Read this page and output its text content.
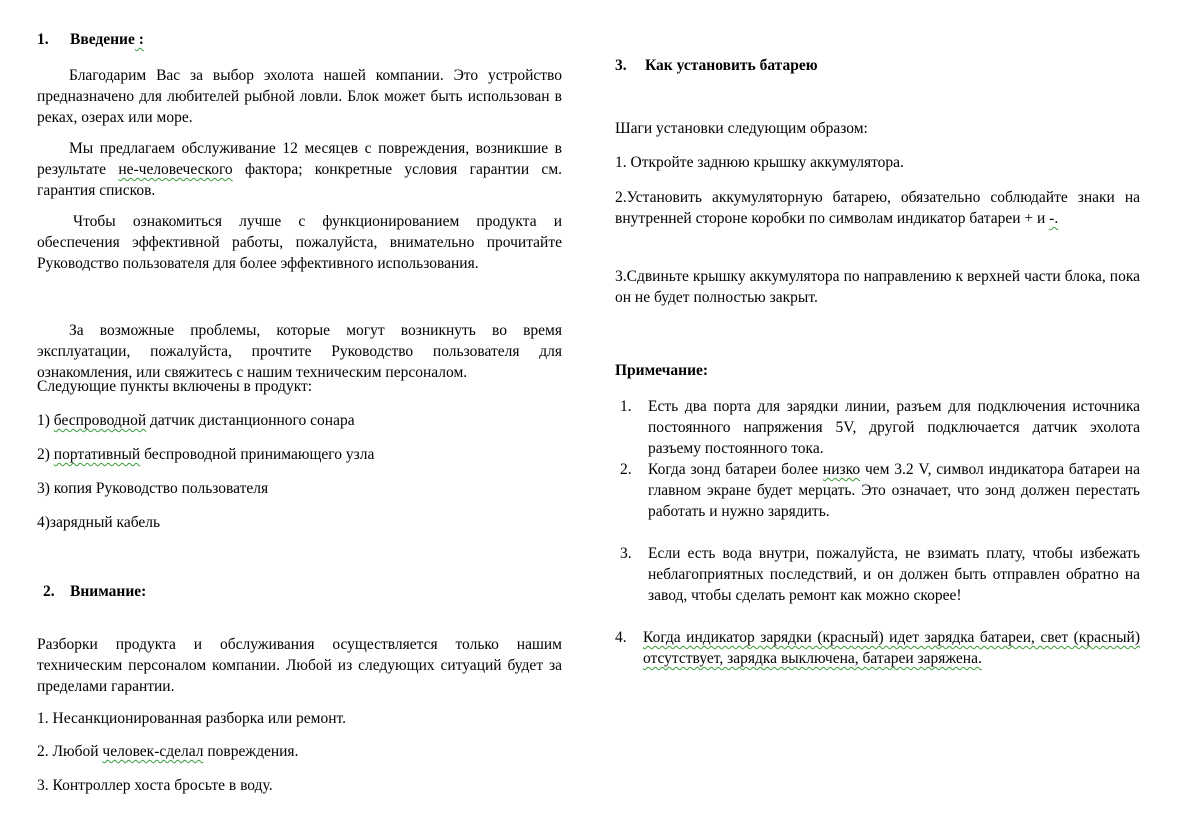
1. Введение :

Благодарим Вас за выбор эхолота нашей компании. Это устройство предназначено для любителей рыбной ловли. Блок может быть использован в реках, озерах или море.

Мы предлагаем обслуживание 12 месяцев с повреждения, возникшие в результате не-человеческого фактора; конкретные условия гарантии см. гарантия списков.

Чтобы ознакомиться лучше с функционированием продукта и обеспечения эффективной работы, пожалуйста, внимательно прочитайте Руководство пользователя для более эффективного использования.

За возможные проблемы, которые могут возникнуть во время эксплуатации, пожалуйста, прочтите Руководство пользователя для ознакомления, или свяжитесь с нашим техническим персоналом.

Следующие пункты включены в продукт:

1) беспроводной датчик дистанционного сонара

2) портативный беспроводной принимающего узла

3) копия Руководство пользователя

4)зарядный кабель

2. Внимание:

Разборки продукта и обслуживания осуществляется только нашим техническим персоналом компании. Любой из следующих ситуаций будет за пределами гарантии.

1. Несанкционированная разборка или ремонт.

2. Любой человек-сделал повреждения.

3. Контроллер хоста бросьте в воду.

3. Как установить батарею

Шаги установки следующим образом:

1. Откройте заднюю крышку аккумулятора.

2.Установить аккумуляторную батарею, обязательно соблюдайте знаки на внутренней стороне коробки по символам индикатор батареи + и -.

3.Сдвиньте крышку аккумулятора по направлению к верхней части блока, пока он не будет полностью закрыт.

Примечание:
1. Есть два порта для зарядки линии, разъем для подключения источника постоянного напряжения 5V, другой подключается датчик эхолота разъему постоянного тока.
2. Когда зонд батареи более низко чем 3.2 V, символ индикатора батареи на главном экране будет мерцать. Это означает, что зонд должен перестать работать и нужно зарядить.
3. Если есть вода внутри, пожалуйста, не взимать плату, чтобы избежать неблагоприятных последствий, и он должен быть отправлен обратно на завод, чтобы сделать ремонт как можно скорее!
4. Когда индикатор зарядки (красный) идет зарядка батареи, свет (красный) отсутствует, зарядка выключена, батареи заряжена.
